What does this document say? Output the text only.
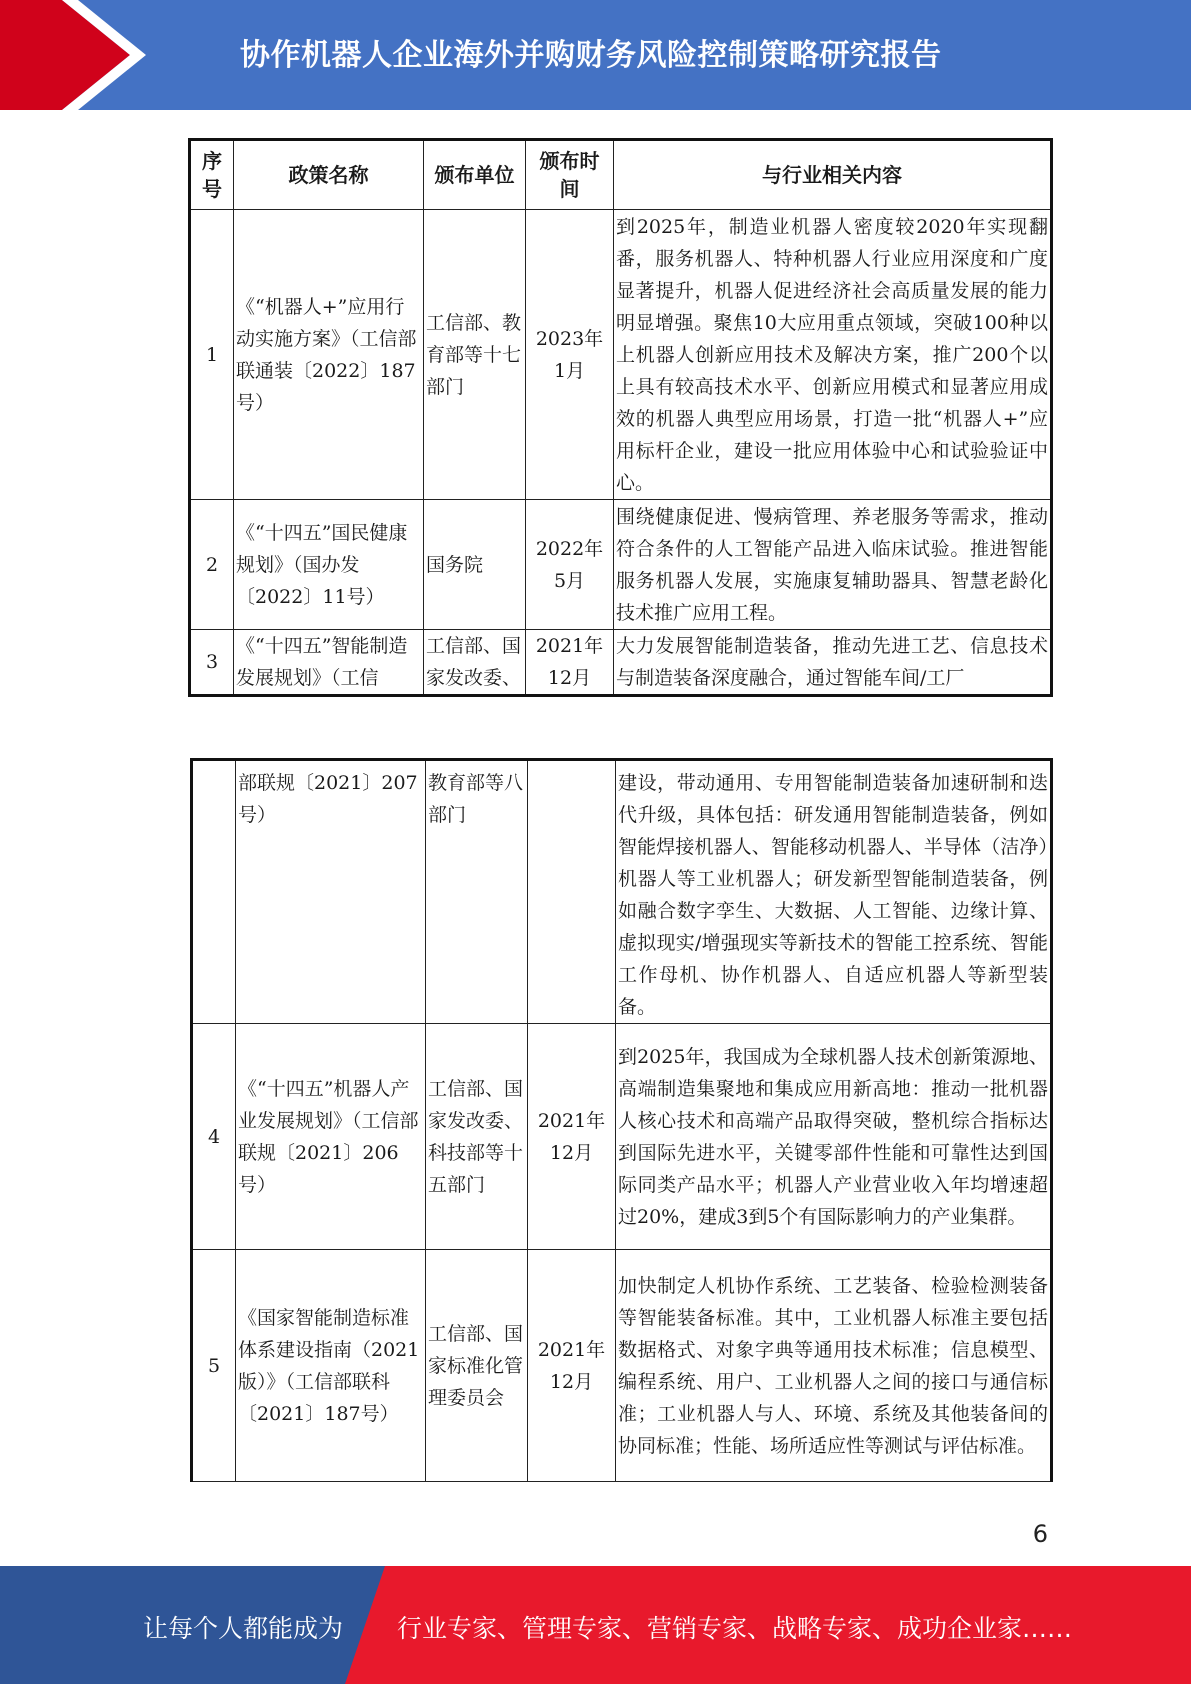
协作机器人企业海外并购财务风险控制策略研究报告
序号	政策名称	颁布单位	颁布时间	与行业相关内容
1	《“机器人+”应用行动实施方案》（工信部联通装〔2022〕187号）	工信部、教育部等十七部门	2023年1月	到2025年，制造业机器人密度较2020年实现翻番，服务机器人、特种机器人行业应用深度和广度显著提升，机器人促进经济社会高质量发展的能力明显增强。聚焦10大应用重点领域，突破100种以上机器人创新应用技术及解决方案，推广200个以上具有较高技术水平、创新应用模式和显著应用成效的机器人典型应用场景，打造一批“机器人+”应用标杆企业，建设一批应用体验中心和试验验证中心。
2	《“十四五”国民健康规划》（国办发〔2022〕11号）	国务院	2022年5月	围绕健康促进、慢病管理、养老服务等需求，推动符合条件的人工智能产品进入临床试验。推进智能服务机器人发展，实施康复辅助器具、智慧老龄化技术推广应用工程。
3	《“十四五”智能制造发展规划》（工信	工信部、国家发改委、	2021年12月	大力发展智能制造装备，推动先进工艺、信息技术与制造装备深度融合，通过智能车间/工厂
	部联规〔2021〕207号）	教育部等八部门		建设，带动通用、专用智能制造装备加速研制和迭代升级，具体包括：研发通用智能制造装备，例如智能焊接机器人、智能移动机器人、半导体（洁净）机器人等工业机器人；研发新型智能制造装备，例如融合数字孪生、大数据、人工智能、边缘计算、虚拟现实/增强现实等新技术的智能工控系统、智能工作母机、协作机器人、自适应机器人等新型装备。
4	《“十四五”机器人产业发展规划》（工信部联规〔2021〕206号）	工信部、国家发改委、科技部等十五部门	2021年12月	到2025年，我国成为全球机器人技术创新策源地、高端制造集聚地和集成应用新高地：推动一批机器人核心技术和高端产品取得突破，整机综合指标达到国际先进水平，关键零部件性能和可靠性达到国际同类产品水平；机器人产业营业收入年均增速超过20%，建成3到5个有国际影响力的产业集群。
5	《国家智能制造标准体系建设指南（2021版）》（工信部联科〔2021〕187号）	工信部、国家标准化管理委员会	2021年12月	加快制定人机协作系统、工艺装备、检验检测装备等智能装备标准。其中，工业机器人标准主要包括数据格式、对象字典等通用技术标准；信息模型、编程系统、用户、工业机器人之间的接口与通信标准；工业机器人与人、环境、系统及其他装备间的协同标准；性能、场所适应性等测试与评估标准。
6
让每个人都能成为 行业专家、管理专家、营销专家、战略专家、成功企业家……
